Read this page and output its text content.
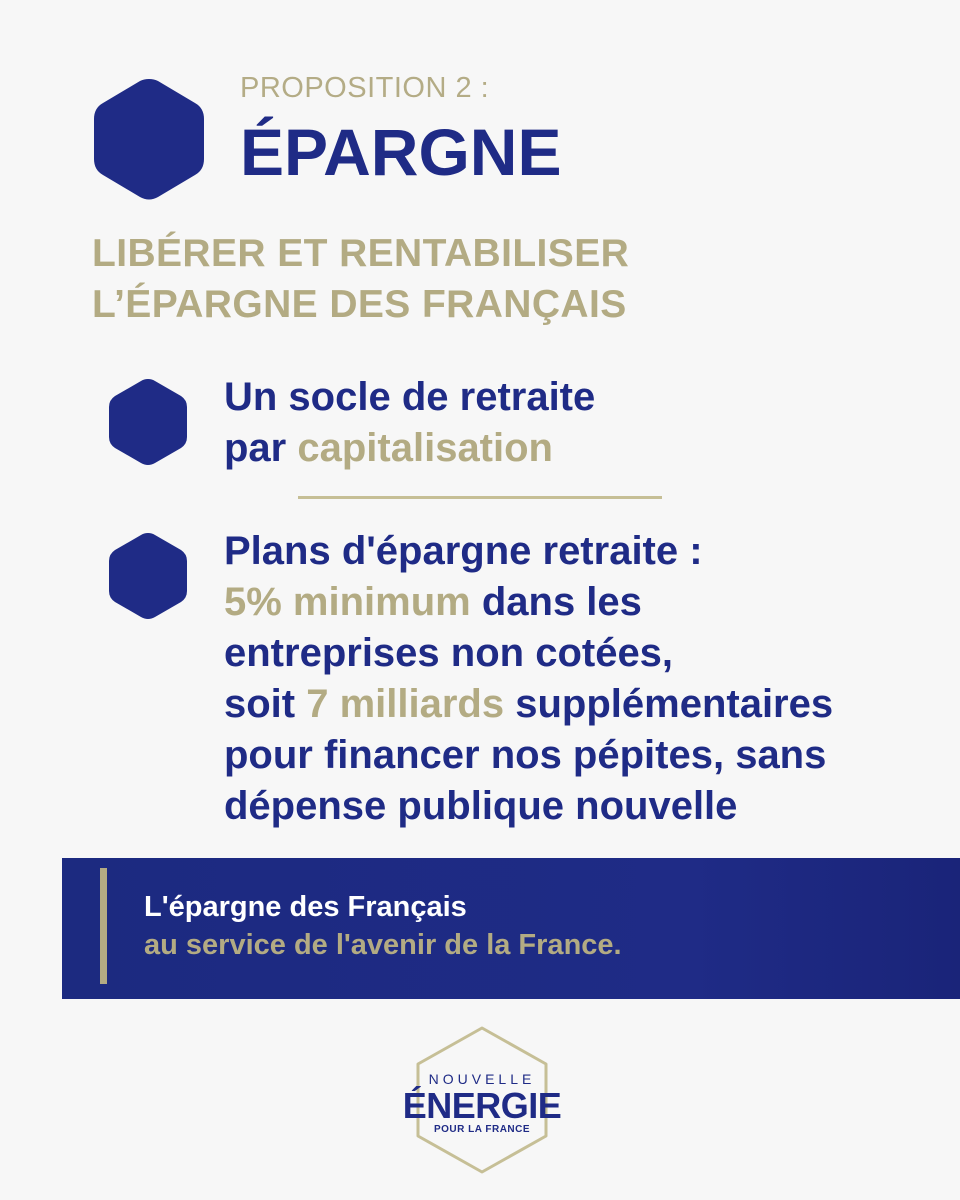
PROPOSITION 2 :
ÉPARGNE
LIBÉRER ET RENTABILISER
L’ÉPARGNE DES FRANÇAIS
Un socle de retraite
par capitalisation
Plans d'épargne retraite :
5% minimum dans les
entreprises non cotées,
soit 7 milliards supplémentaires
pour financer nos pépites, sans
dépense publique nouvelle
L'épargne des Français
au service de l'avenir de la France.
NOUVELLE
ÉNERGIE
POUR LA FRANCE
